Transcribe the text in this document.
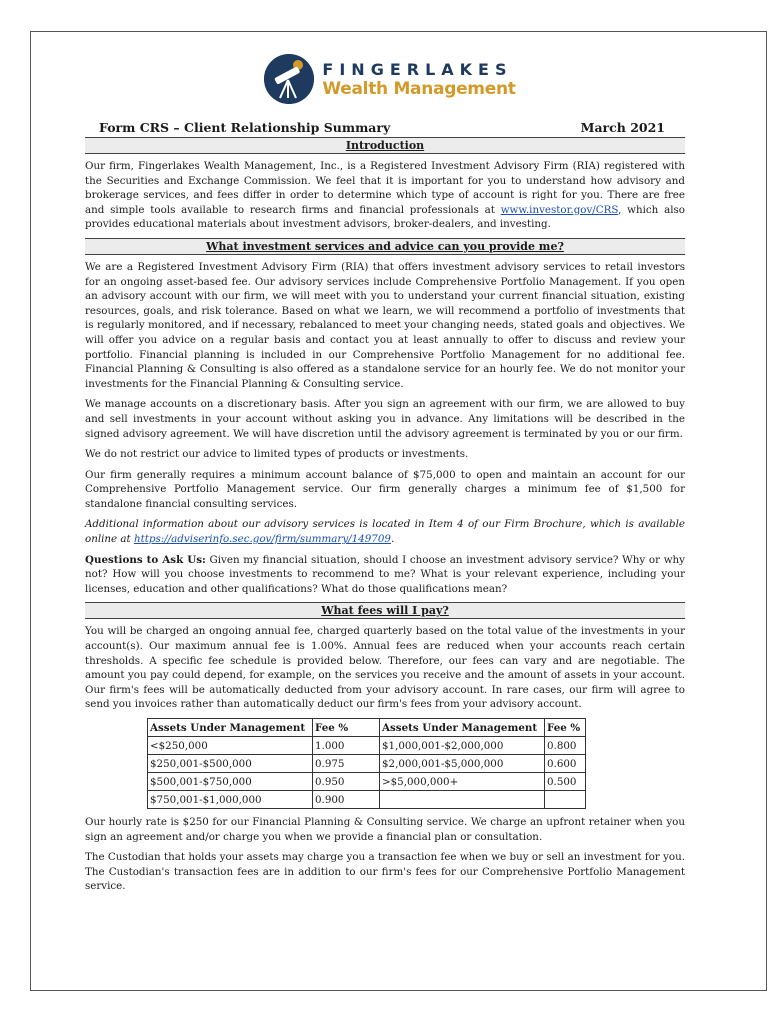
FINGERLAKES
Wealth Management
Form CRS – Client Relationship Summary	March 2021
Introduction

Our firm, Fingerlakes Wealth Management, Inc., is a Registered Investment Advisory Firm (RIA) registered with the Securities and Exchange Commission. We feel that it is important for you to understand how advisory and brokerage services, and fees differ in order to determine which type of account is right for you. There are free and simple tools available to research firms and financial professionals at www.investor.gov/CRS, which also provides educational materials about investment advisors, broker-dealers, and investing.

What investment services and advice can you provide me?

We are a Registered Investment Advisory Firm (RIA) that offers investment advisory services to retail investors for an ongoing asset-based fee. Our advisory services include Comprehensive Portfolio Management. If you open an advisory account with our firm, we will meet with you to understand your current financial situation, existing resources, goals, and risk tolerance. Based on what we learn, we will recommend a portfolio of investments that is regularly monitored, and if necessary, rebalanced to meet your changing needs, stated goals and objectives. We will offer you advice on a regular basis and contact you at least annually to offer to discuss and review your portfolio. Financial planning is included in our Comprehensive Portfolio Management for no additional fee. Financial Planning & Consulting is also offered as a standalone service for an hourly fee. We do not monitor your investments for the Financial Planning & Consulting service.

We manage accounts on a discretionary basis. After you sign an agreement with our firm, we are allowed to buy and sell investments in your account without asking you in advance. Any limitations will be described in the signed advisory agreement. We will have discretion until the advisory agreement is terminated by you or our firm.

We do not restrict our advice to limited types of products or investments.

Our firm generally requires a minimum account balance of $75,000 to open and maintain an account for our Comprehensive Portfolio Management service. Our firm generally charges a minimum fee of $1,500 for standalone financial consulting services.

Additional information about our advisory services is located in Item 4 of our Firm Brochure, which is available online at https://adviserinfo.sec.gov/firm/summary/149709.

Questions to Ask Us: Given my financial situation, should I choose an investment advisory service? Why or why not? How will you choose investments to recommend to me? What is your relevant experience, including your licenses, education and other qualifications? What do those qualifications mean?

What fees will I pay?

You will be charged an ongoing annual fee, charged quarterly based on the total value of the investments in your account(s). Our maximum annual fee is 1.00%. Annual fees are reduced when your accounts reach certain thresholds. A specific fee schedule is provided below. Therefore, our fees can vary and are negotiable. The amount you pay could depend, for example, on the services you receive and the amount of assets in your account. Our firm's fees will be automatically deducted from your advisory account. In rare cases, our firm will agree to send you invoices rather than automatically deduct our firm's fees from your advisory account.

Assets Under Management	Fee %	Assets Under Management	Fee %
<$250,000	1.000	$1,000,001-$2,000,000	0.800
$250,001-$500,000	0.975	$2,000,001-$5,000,000	0.600
$500,001-$750,000	0.950	>$5,000,000+	0.500
$750,001-$1,000,000	0.900		

Our hourly rate is $250 for our Financial Planning & Consulting service. We charge an upfront retainer when you sign an agreement and/or charge you when we provide a financial plan or consultation.

The Custodian that holds your assets may charge you a transaction fee when we buy or sell an investment for you. The Custodian's transaction fees are in addition to our firm's fees for our Comprehensive Portfolio Management service.
